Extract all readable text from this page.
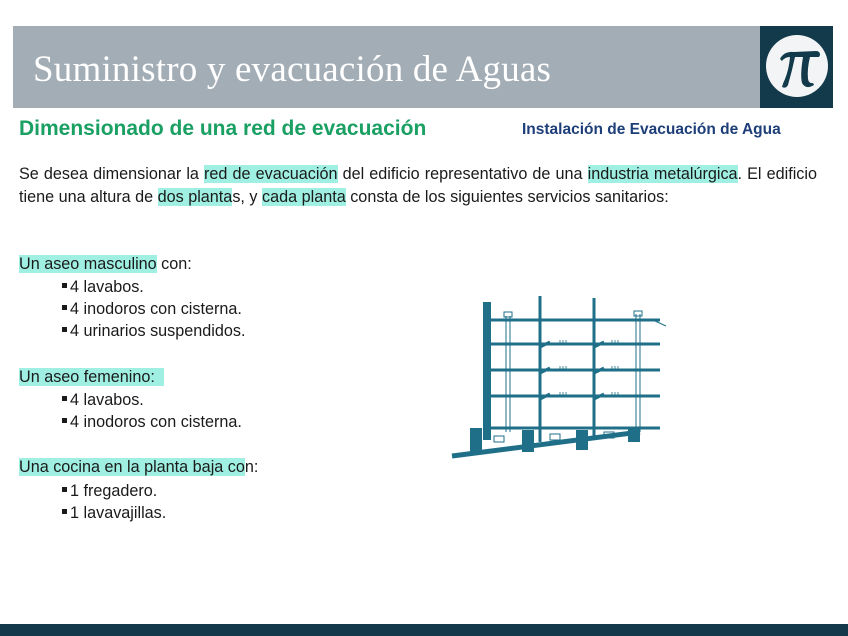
Suministro y evacuación de Aguas
Dimensionado de una red de evacuación	Instalación de Evacuación de Agua

Se desea dimensionar la red de evacuación del edificio representativo de una industria metalúrgica. El edificio tiene una altura de dos plantas, y cada planta consta de los siguientes servicios sanitarios:

Un aseo masculino con:

4 lavabos.
4 inodoros con cisterna.
4 urinarios suspendidos.

Un aseo femenino:

4 lavabos.
4 inodoros con cisterna.

Una cocina en la planta baja con:

1 fregadero.
1 lavavajillas.
